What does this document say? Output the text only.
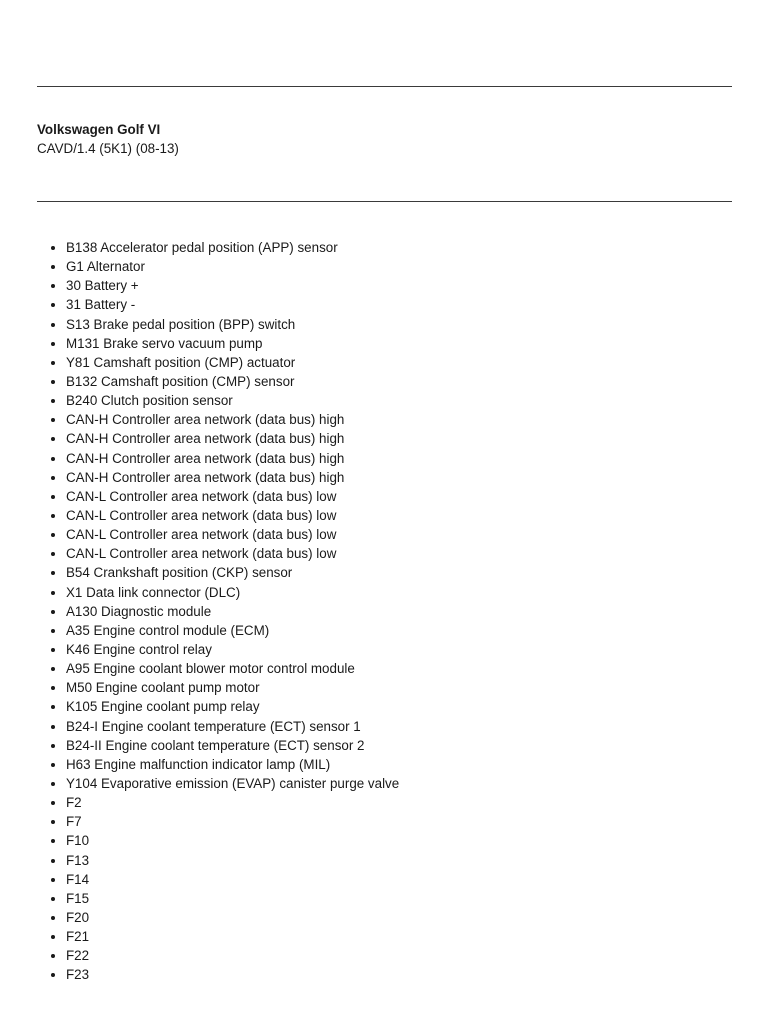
Volkswagen Golf VI
CAVD/1.4 (5K1) (08-13)
B138 Accelerator pedal position (APP) sensor
G1 Alternator
30 Battery +
31 Battery -
S13 Brake pedal position (BPP) switch
M131 Brake servo vacuum pump
Y81 Camshaft position (CMP) actuator
B132 Camshaft position (CMP) sensor
B240 Clutch position sensor
CAN-H Controller area network (data bus) high
CAN-H Controller area network (data bus) high
CAN-H Controller area network (data bus) high
CAN-H Controller area network (data bus) high
CAN-L Controller area network (data bus) low
CAN-L Controller area network (data bus) low
CAN-L Controller area network (data bus) low
CAN-L Controller area network (data bus) low
B54 Crankshaft position (CKP) sensor
X1 Data link connector (DLC)
A130 Diagnostic module
A35 Engine control module (ECM)
K46 Engine control relay
A95 Engine coolant blower motor control module
M50 Engine coolant pump motor
K105 Engine coolant pump relay
B24-I Engine coolant temperature (ECT) sensor 1
B24-II Engine coolant temperature (ECT) sensor 2
H63 Engine malfunction indicator lamp (MIL)
Y104 Evaporative emission (EVAP) canister purge valve
F2
F7
F10
F13
F14
F15
F20
F21
F22
F23
